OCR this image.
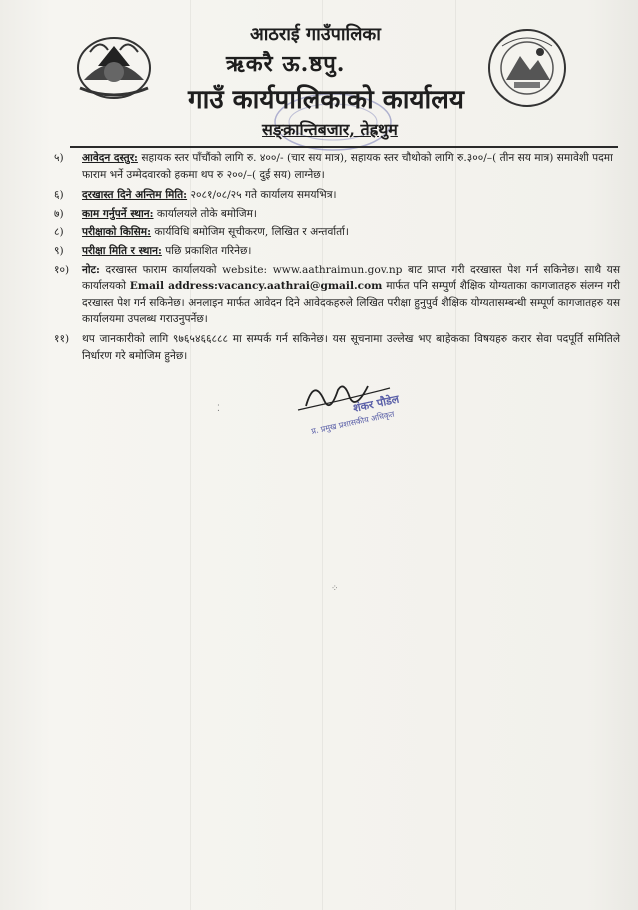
आठराई गाउँपालिका
ऋकरै ऊ.ष्ठपु.
गाउँ कार्यपालिकाको कार्यालय
सङ्क्रान्तिबजार, तेह्रथुम
५) आवेदन दस्तुर: सहायक स्तर पाँचौंको लागि रु. ४००/- (चार सय मात्र), सहायक स्तर चौथोको लागि रु.३००/–( तीन सय मात्र) समावेशी पदमा फाराम भर्ने उम्मेदवारको हकमा थप रु २००/–( दुई सय) लाग्नेछ।
६) दरखास्त दिने अन्तिम मिति: २०८१/०८/२५ गते कार्यालय समयभित्र।
७) काम गर्नुपर्ने स्थान: कार्यालयले तोके बमोजिम।
८) परीक्षाको किसिम: कार्यविधि बमोजिम सूचीकरण, लिखित र अन्तर्वार्ता।
९) परीक्षा मिति र स्थान: पछि प्रकाशित गरिनेछ।
१०) नोट: दरखास्त फाराम कार्यालयको website: www.aathraimun.gov.np बाट प्राप्त गरी दरखास्त पेश गर्न सकिनेछ। साथै यस कार्यालयको Email address:vacancy.aathrai@gmail.com मार्फत पनि सम्पुर्ण शैक्षिक योग्यताका कागजातहरु संलग्न गरी दरखास्त पेश गर्न सकिनेछ। अनलाइन मार्फत आवेदन दिने आवेदकहरुले लिखित परीक्षा हुनुपुर्व शैक्षिक योग्यतासम्बन्धी सम्पूर्ण कागजातहरु यस कार्यालयमा उपलब्ध गराउनुपर्नेछ।
११) थप जानकारीको लागि ९७६५४६६८८८ मा सम्पर्क गर्न सकिनेछ। यस सूचनामा उल्लेख भए बाहेकका विषयहरु करार सेवा पदपूर्ति समितिले निर्धारण गरे बमोजिम हुनेछ।
शंकर पौडेल
प्र. प्रमुख प्रशासकीय अधिकृत
⁚
⁘
